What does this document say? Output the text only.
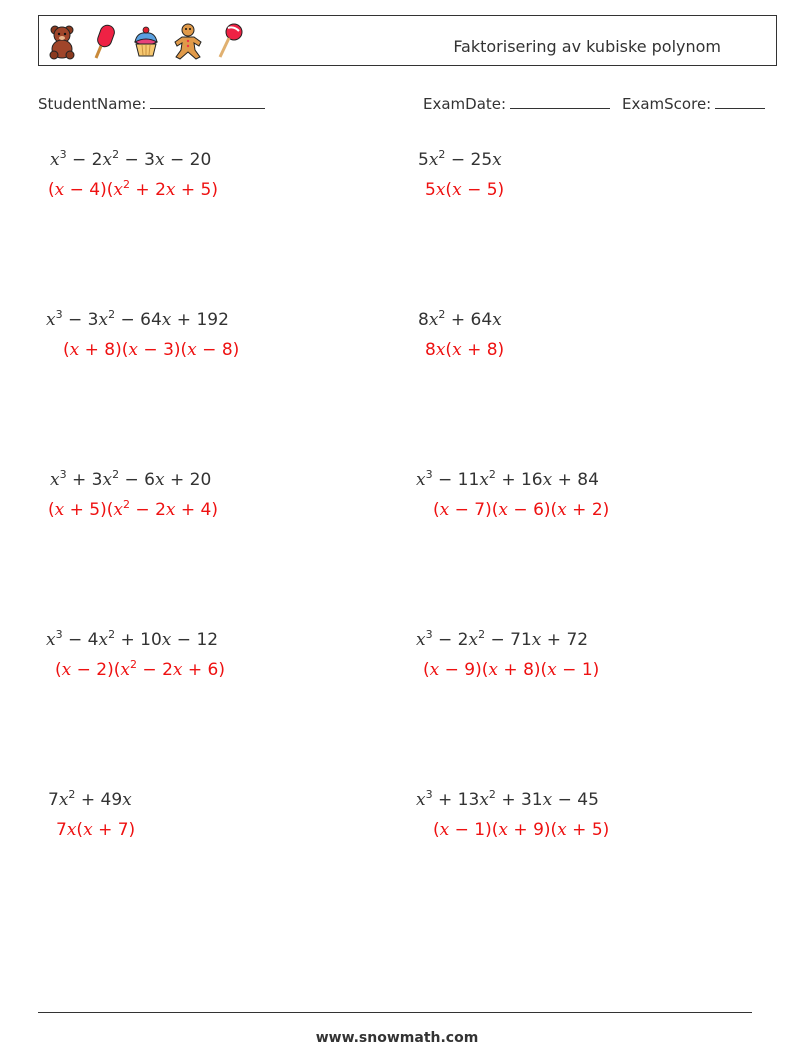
Faktorisering av kubiske polynom
StudentName:	ExamDate:	ExamScore:
$x^3 - 2x^2 - 3x - 20$
$(x - 4)(x^2 + 2x + 5)$
$5x^2 - 25x$
5x(x − 5)
$x^3 - 3x^2 - 64x + 192$
(x + 8)(x − 3)(x − 8)
$8x^2 + 64x$
8x(x + 8)
$x^3 + 3x^2 - 6x + 20$
$(x + 5)(x^2 - 2x + 4)$
$x^3 - 11x^2 + 16x + 84$
(x − 7)(x − 6)(x + 2)
$x^3 - 4x^2 + 10x - 12$
$(x - 2)(x^2 - 2x + 6)$
$x^3 - 2x^2 - 71x + 72$
(x − 9)(x + 8)(x − 1)
$7x^2 + 49x$
7x(x + 7)
$x^3 + 13x^2 + 31x - 45$
(x − 1)(x + 9)(x + 5)
www.snowmath.com
